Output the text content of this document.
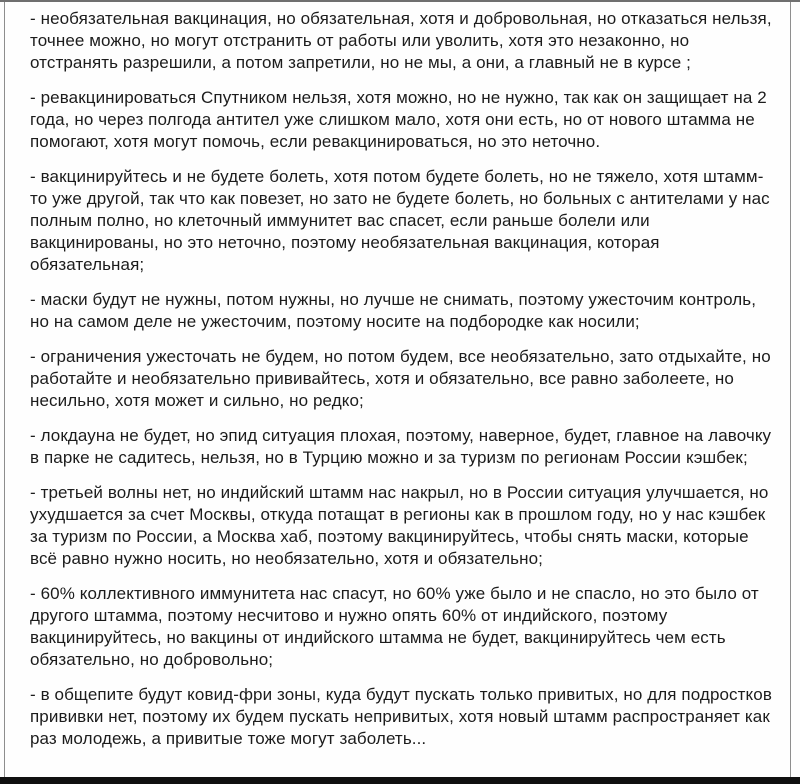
- необязательная вакцинация, но обязательная, хотя и добровольная, но отказаться нельзя, точнее можно, но могут отстранить от работы или уволить, хотя это незаконно, но отстранять разрешили, а потом запретили, но не мы, а они, а главный не в курсе ;

- ревакцинироваться Спутником нельзя, хотя можно, но не нужно, так как он защищает на 2 года, но через полгода антител уже слишком мало, хотя они есть, но от нового штамма не помогают, хотя могут помочь, если ревакцинироваться, но это неточно.

- вакцинируйтесь и не будете болеть, хотя потом будете болеть, но не тяжело, хотя штамм-то уже другой, так что как повезет, но зато не будете болеть, но больных с антителами у нас полным полно, но клеточный иммунитет вас спасет, если раньше болели или вакцинированы, но это неточно, поэтому необязательная вакцинация, которая обязательная;

- маски будут не нужны, потом нужны, но лучше не снимать, поэтому ужесточим контроль, но на самом деле не ужесточим, поэтому носите на подбородке как носили;

- ограничения ужесточать не будем, но потом будем, все необязательно, зато отдыхайте, но работайте и необязательно прививайтесь, хотя и обязательно, все равно заболеете, но несильно, хотя может и сильно, но редко;

- локдауна не будет, но эпид ситуация плохая, поэтому, наверное, будет, главное на лавочку в парке не садитесь, нельзя, но в Турцию можно и за туризм по регионам России кэшбек;

- третьей волны нет, но индийский штамм нас накрыл, но в России ситуация улучшается, но ухудшается за счет Москвы, откуда потащат в регионы как в прошлом году, но у нас кэшбек за туризм по России, а Москва хаб, поэтому вакцинируйтесь, чтобы снять маски, которые всё равно нужно носить, но необязательно, хотя и обязательно;

- 60% коллективного иммунитета нас спасут, но 60% уже было и не спасло, но это было от другого штамма, поэтому несчитово и нужно опять 60% от индийского, поэтому вакцинируйтесь, но вакцины от индийского штамма не будет, вакцинируйтесь чем есть обязательно, но добровольно;

- в общепите будут ковид-фри зоны, куда будут пускать только привитых, но для подростков прививки нет, поэтому их будем пускать непривитых, хотя новый штамм распространяет как раз молодежь, а привитые тоже могут заболеть...
